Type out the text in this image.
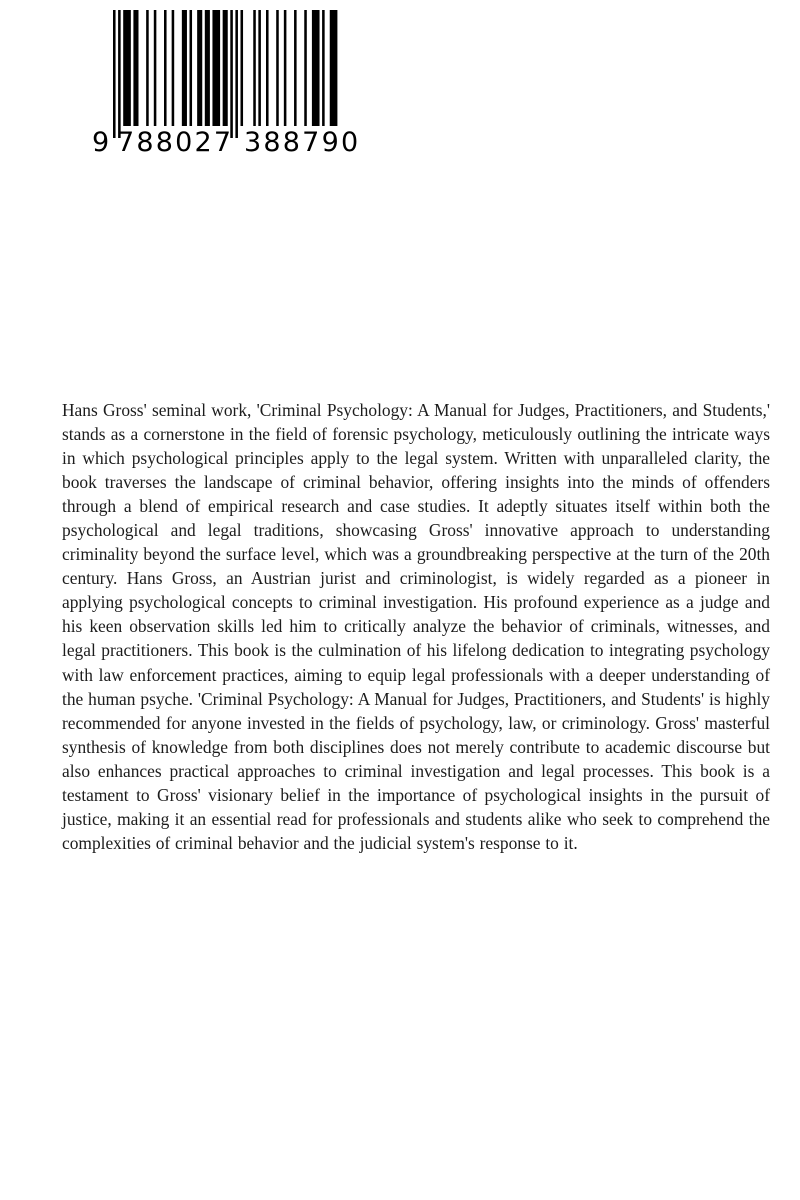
9 788027 388790
Hans Gross' seminal work, 'Criminal Psychology: A Manual for Judges, Practitioners, and Students,' stands as a cornerstone in the field of forensic psychology, meticulously outlining the intricate ways in which psychological principles apply to the legal system. Written with unparalleled clarity, the book traverses the landscape of criminal behavior, offering insights into the minds of offenders through a blend of empirical research and case studies. It adeptly situates itself within both the psychological and legal traditions, showcasing Gross' innovative approach to understanding criminality beyond the surface level, which was a groundbreaking perspective at the turn of the 20th century. Hans Gross, an Austrian jurist and criminologist, is widely regarded as a pioneer in applying psychological concepts to criminal investigation. His profound experience as a judge and his keen observation skills led him to critically analyze the behavior of criminals, witnesses, and legal practitioners. This book is the culmination of his lifelong dedication to integrating psychology with law enforcement practices, aiming to equip legal professionals with a deeper understanding of the human psyche. 'Criminal Psychology: A Manual for Judges, Practitioners, and Students' is highly recommended for anyone invested in the fields of psychology, law, or criminology. Gross' masterful synthesis of knowledge from both disciplines does not merely contribute to academic discourse but also enhances practical approaches to criminal investigation and legal processes. This book is a testament to Gross' visionary belief in the importance of psychological insights in the pursuit of justice, making it an essential read for professionals and students alike who seek to comprehend the complexities of criminal behavior and the judicial system's response to it.
